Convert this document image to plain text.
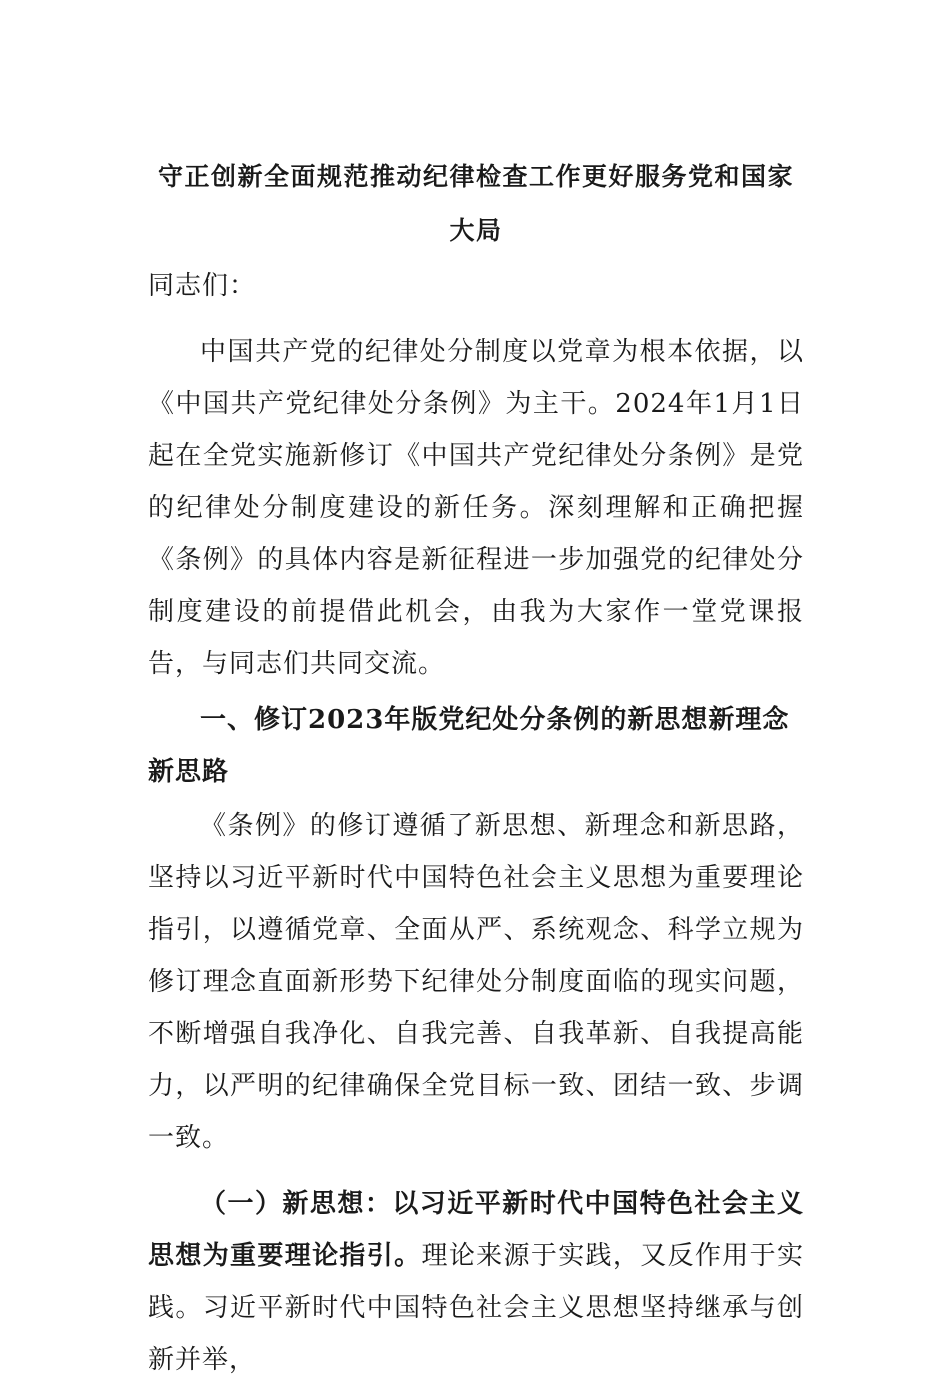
守正创新全面规范推动纪律检查工作更好服务党和国家大局

同志们：

中国共产党的纪律处分制度以党章为根本依据，以《中国共产党纪律处分条例》为主干。2024年1月1日起在全党实施新修订《中国共产党纪律处分条例》是党的纪律处分制度建设的新任务。深刻理解和正确把握《条例》的具体内容是新征程进一步加强党的纪律处分制度建设的前提借此机会，由我为大家作一堂党课报告，与同志们共同交流。

一、修订2023年版党纪处分条例的新思想新理念新思路

《条例》的修订遵循了新思想、新理念和新思路，坚持以习近平新时代中国特色社会主义思想为重要理论指引，以遵循党章、全面从严、系统观念、科学立规为修订理念直面新形势下纪律处分制度面临的现实问题，不断增强自我净化、自我完善、自我革新、自我提高能力，以严明的纪律确保全党目标一致、团结一致、步调一致。

（一）新思想：以习近平新时代中国特色社会主义思想为重要理论指引。理论来源于实践，又反作用于实践。习近平新时代中国特色社会主义思想坚持继承与创新并举，
